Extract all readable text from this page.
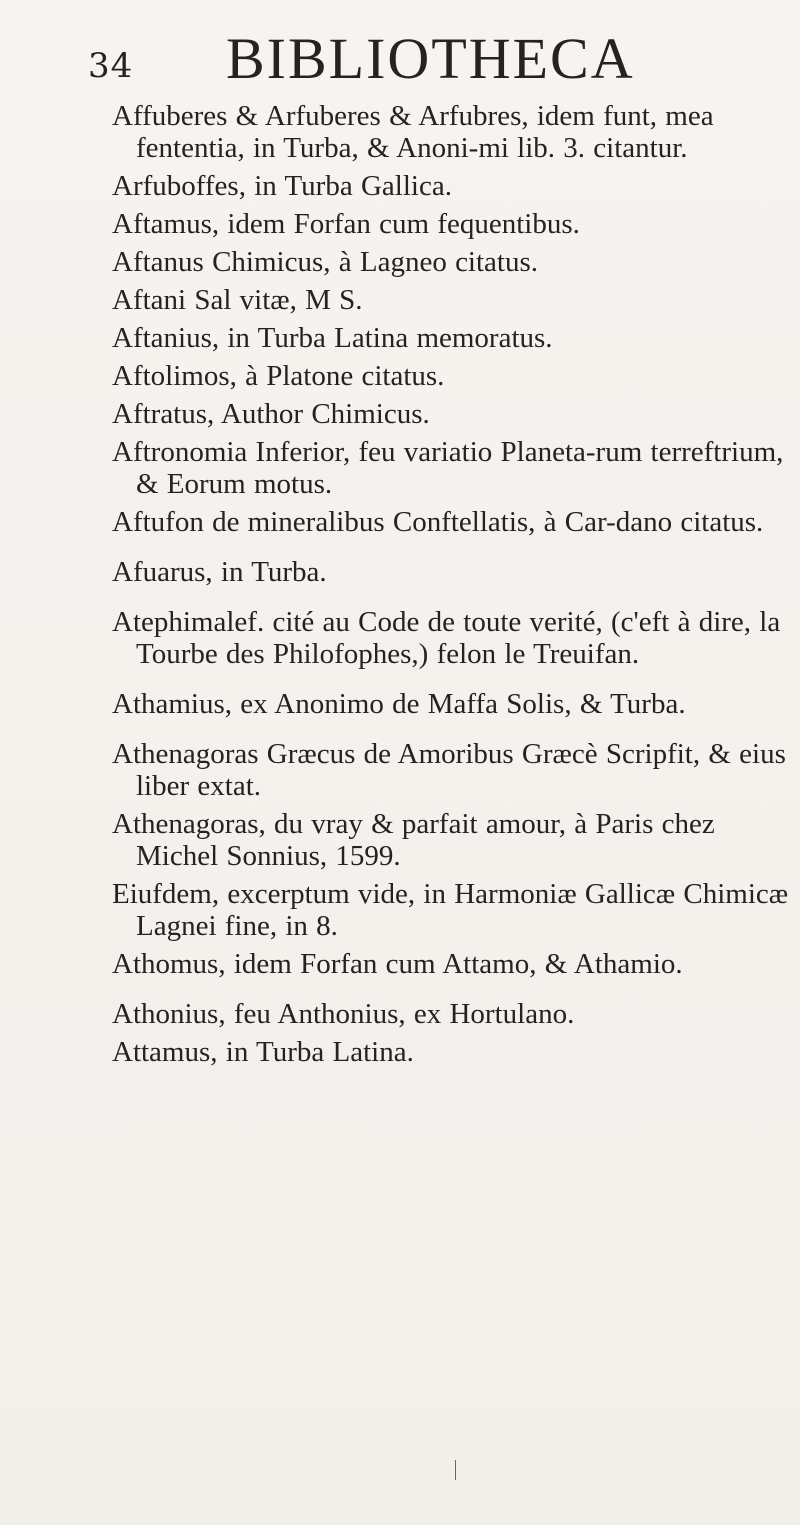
34 BIBLIOTHECA

Affuberes & Arfuberes & Arfubres, idem funt, mea fententia, in Turba, & Anoni-mi lib. 3. citantur.

Arfuboffes, in Turba Gallica.

Aftamus, idem Forfan cum fequentibus.

Aftanus Chimicus, à Lagneo citatus.

Aftani Sal vitæ, M S.

Aftanius, in Turba Latina memoratus.

Aftolimos, à Platone citatus.

Aftratus, Author Chimicus.

Aftronomia Inferior, feu variatio Planeta-rum terreftrium, & Eorum motus.

Aftufon de mineralibus Conftellatis, à Car-dano citatus.

Afuarus, in Turba.

Atephimalef. cité au Code de toute verité, (c'eft à dire, la Tourbe des Philofophes,) felon le Treuifan.

Athamius, ex Anonimo de Maffa Solis, & Turba.

Athenagoras Græcus de Amoribus Græcè Scripfit, & eius liber extat.

Athenagoras, du vray & parfait amour, à Paris chez Michel Sonnius, 1599.

Eiufdem, excerptum vide, in Harmoniæ Gallicæ Chimicæ Lagnei fine, in 8.

Athomus, idem Forfan cum Attamo, & Athamio.

Athonius, feu Anthonius, ex Hortulano.

Attamus, in Turba Latina.
